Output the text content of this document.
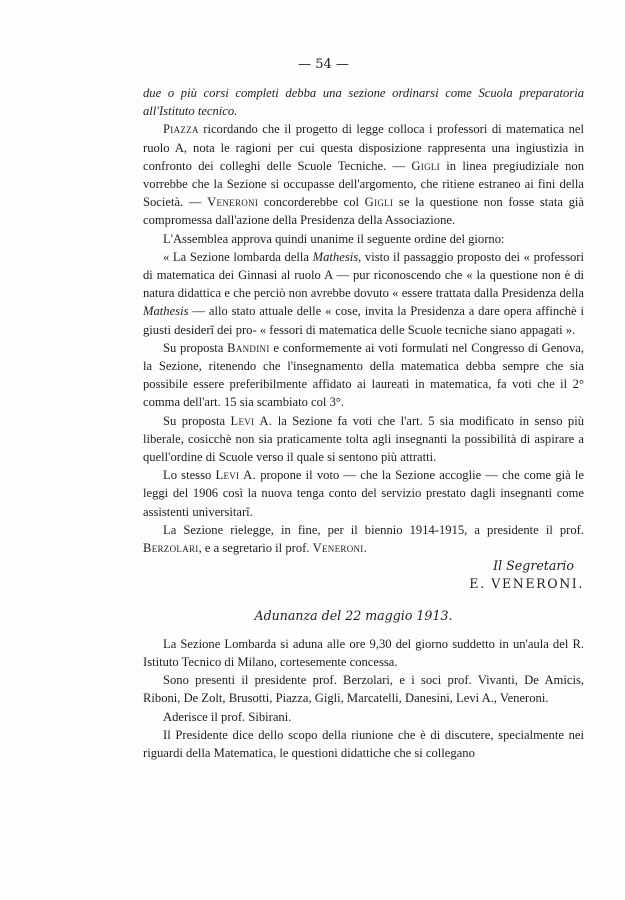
— 54 —

due o più corsi completi debba una sezione ordinarsi come Scuola preparatoria all'Istituto tecnico.

Piazza ricordando che il progetto di legge colloca i professori di matematica nel ruolo A, nota le ragioni per cui questa disposizione rappresenta una ingiustizia in confronto dei colleghi delle Scuole Tecniche. — Gigli in linea pregiudiziale non vorrebbe che la Sezione si occupasse dell'argomento, che ritiene estraneo ai fini della Società. — Veneroni concorderebbe col Gigli se la questione non fosse stata già compromessa dall'azione della Presidenza della Associazione.

L'Assemblea approva quindi unanime il seguente ordine del giorno:

« La Sezione lombarda della Mathesis, visto il passaggio proposto dei « professori di matematica dei Ginnasi al ruolo A — pur riconoscendo che « la questione non è di natura didattica e che perciò non avrebbe dovuto « essere trattata dalla Presidenza della Mathesis — allo stato attuale delle « cose, invita la Presidenza a dare opera affinchè i giusti desiderî dei pro- « fessori di matematica delle Scuole tecniche siano appagati ».

Su proposta Bandini e conformemente ai voti formulati nel Congresso di Genova, la Sezione, ritenendo che l'insegnamento della matematica debba sempre che sia possibile essere preferibilmente affidato ai laureati in matematica, fa voti che il 2° comma dell'art. 15 sia scambiato col 3°.

Su proposta Levi A. la Sezione fa voti che l'art. 5 sia modificato in senso più liberale, cosicchè non sia praticamente tolta agli insegnanti la possibilità di aspirare a quell'ordine di Scuole verso il quale si sentono più attratti.

Lo stesso Levi A. propone il voto — che la Sezione accoglie — che come già le leggi del 1906 così la nuova tenga conto del servizio prestato dagli insegnanti come assistenti universitarî.

La Sezione rielegge, in fine, per il biennio 1914-1915, a presidente il prof. Berzolari, e a segretario il prof. Veneroni.

Il Segretario
E. VENERONI.
Adunanza del 22 maggio 1913.

La Sezione Lombarda si aduna alle ore 9,30 del giorno suddetto in un'aula del R. Istituto Tecnico di Milano, cortesemente concessa.

Sono presenti il presidente prof. Berzolari, e i soci prof. Vivanti, De Amicis, Riboni, De Zolt, Brusotti, Piazza, Gigli, Marcatelli, Danesini, Levi A., Veneroni.

Aderisce il prof. Sibirani.

Il Presidente dice dello scopo della riunione che è di discutere, specialmente nei riguardi della Matematica, le questioni didattiche che si collegano
